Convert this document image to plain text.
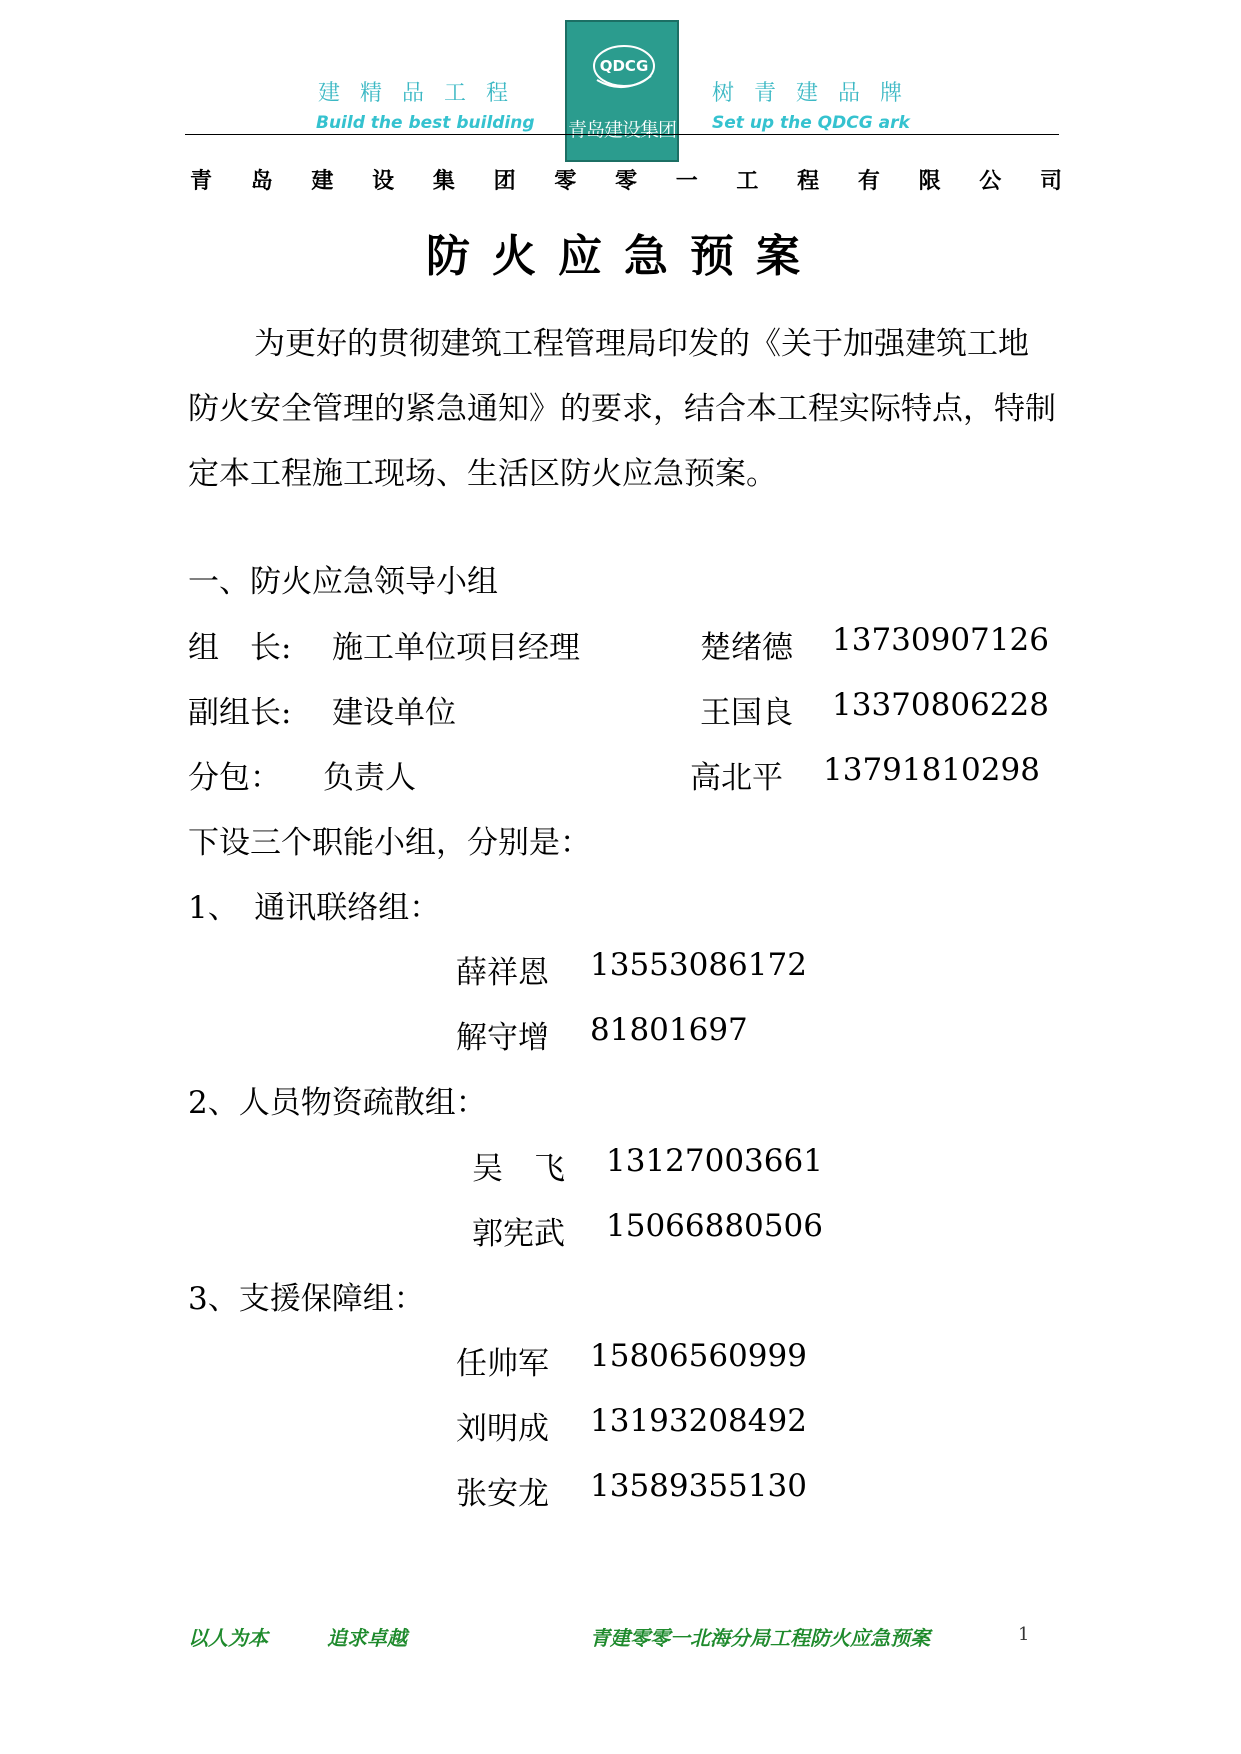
建精品工程
Build the best building
QDCG
青岛建设集团
树青建品牌
Set up the QDCG ark
青 岛 建 设 集 团 零 零 一 工 程 有 限 公 司
防火应急预案
为更好的贯彻建筑工程管理局印发的《关于加强建筑工地防火安全管理的紧急通知》的要求，结合本工程实际特点，特制定本工程施工现场、生活区防火应急预案。
一、防火应急领导小组
组　长: 施工单位项目经理	楚绪德 13730907126
副组长: 建设单位	王国良 13370806228
分包： 负责人	高北平 13791810298
下设三个职能小组，分别是：
1、　通讯联络组：
薛祥恩 13553086172
解守增 81801697
2、人员物资疏散组：
吴　飞 13127003661
郭宪武 15066880506
3、支援保障组：
任帅军 15806560999
刘明成 13193208492
张安龙 13589355130
以人为本	追求卓越	青建零零一北海分局工程防火应急预案	1
